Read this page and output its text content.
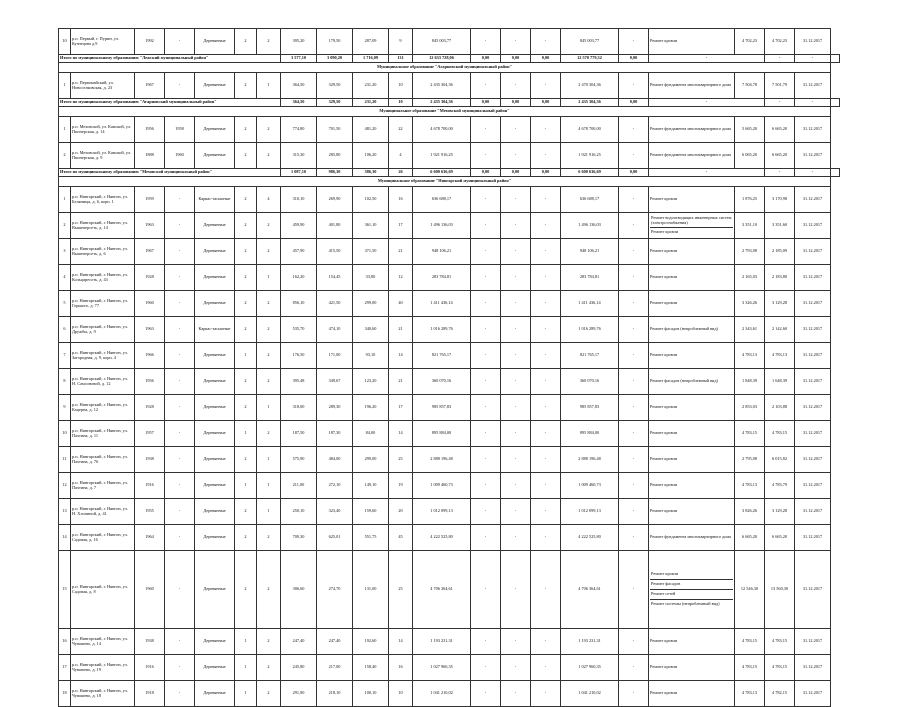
10	р.п. Первый, г. Пурин, ул. Кузнецова д.9	1992	-	Деревянные	2	2	395,20	179,50	287,09	9	845 003,77	-	-	-	845 003,77	-	Ремонт кровли	4 702,23	4 702,23	31.12.2017	
Итого по муниципальному образованию "Лежский муниципальный район"							3 577,10	3 090,20	1 716,09	131	12 633 728,06	0,00	0,00	0,00	12 570 779,32	0,00	-		-	-	
Муниципальное образование "Агарновский муниципальный район"																					
1	р.п. Первомайский, ул. Новоселковская, д. 23	1967	-	Деревянные	2	1	364,50	329,50	231,20	10	2 435 304,36	-	-	-	2 470 304,36	-	Ремонт фундамента многоквартирного дома	7 504,78	7 501,79	31.12.2017	
Итого по муниципальному образованию "Агарновский муниципальный район"							364,50	329,50	231,20	10	2 435 304,36	0,00	0,00	0,00	2 435 304,36	0,00	-		-	-	
Муниципальное образование "Меховской муниципальный район"																					
1	р.п. Меховской, ул. Камской, ул. Пионерская, д. 14	1956	1958	Деревянные	2	2	774,80	701,50	481,20	22	4 678 700,00	-	-	-	4 678 700,00	-	Ремонт фундамента многоквартирного дома	5 665,20	6 665,20	31.12.2017	
2	р.п. Меховской, ул. Камской, ул. Пионерская, д. 9	1888	1960	Деревянные	2	2	315,30	285,80	106,20	4	1 921 916,25	-	-	-	1 921 916,25	-	Ремонт фундамента многоквартирного дома	6 065,20	6 665,20	31.12.2017	
Итого по муниципальному образованию "Меховской муниципальный район"							1 087,10	986,30	586,30	26	6 600 636,69	0,00	0,00	0,00	6 600 636,69	0,00	-		-	-	
Муниципальное образование "Нянгарский муниципальный район"																					
1	р.п. Нянгарский, г. Нянгон, ул. Беляницы, д. 6, корп. 1	1959	-	Каркас-засыпные	2	4	310,10	269,90	102,50	16	636 688,17	-	-	-	636 688,17	-	Ремонт кровли	1 876,25	3 170,98	31.12.2017	
2	р.п. Нянгарский, г. Нянгон, ул. Вышеперсеть, д. 14	1963	-	Деревянные	2	2	459,90	401,80	361,10	17	1 496 136,03	-	-	-	1 496 136,03	-	Ремонт водоотводящих инженерных систем (электроснабжения)
Ремонт кровли	3 351,10	3 351,60	31.12.2017	
3	р.п. Нянгарский, г. Нянгон, ул. Вышеперсеть, д. 6	1967	-	Деревянные	2	2	457,90	415,50	371,50	21	948 106,21	-	-	-	948 106,21	-	Ремонт кровли	2 793,08	2 185,09	31.12.2017	
4	р.п. Нянгарский, г. Нянгон, ул. Кольцаресоть, д. 43	1928	-	Деревянные	2	1	162,20	154,45	33,80	12	283 784,81	-	-	-	283 784,81	-	Ремонт кровли	2 165,03	2 183,80	31.12.2017	
5	р.п. Нянгарский, г. Нянгон, ул. Горького, д. 77	1960	-	Деревянные	2	2	856,10	421,50	299,00	40	1 411 436,14	-	-	-	1 411 436,14	-	Ремонт кровли	3 326,26	3 129,28	31.12.2017	
6	р.п. Нянгарский, г. Нянгон, ул. Дружбы, д. 9	1963	-	Каркас-засыпные	2	2	535,70	474,10	340,60	21	1 016 289,76	-	-	-	1 016 289,76	-	Ремонт фасадов (непроблемный вид)	2 343,61	2 142,60	31.12.2017	
7	р.п. Нянгарский, г. Нянгон, ул. Загородная, д. 9, корп. 4	1966	-	Деревянные	1	2	176,50	171,00	93,10	14	821 765,17	-	-	-	821 765,17	-	Ремонт кровли	4 783,13	4 783,13	31.12.2017	
8	р.п. Нянгарский, г. Нянгон, ул. Н. Самсоновой, д. 12	1956	-	Деревянные	2	2	395,48	349,67	123,20	21	360 070,16	-	-	-	360 070,16	-	Ремонт фасадов (непроблемный вид)	1 848,39	1 648,39	31.12.2017	
9	р.п. Нянгарский, г. Нянгон, ул. Кацерна, д. 12	1928	-	Деревянные	2	1	318,00	289,30	196,20	17	985 857,83	-	-	-	985 857,83	-	Ремонт кровли	2 853,03	2 103,88	31.12.2017	
10	р.п. Нянгарский, г. Нянгон, ул. Пахтина, д. 11	1957	-	Деревянные	1	2	187,50	187,30	84,00	14	895 884,00	-	-	-	895 884,00	-	Ремонт кровли	4 783,15	4 783,15	31.12.2017	
11	р.п. Нянгарский, г. Нянгон, ул. Пахтина, д. 76	1938	-	Деревянные	2	1	575,90	484,00	299,00	25	2 888 196,48	-	-	-	2 888 196,48	-	Ремонт кровли	2 795,08	6 015,82	31.12.2017	
12	р.п. Нянгарский, г. Нянгон, ул. Пахтина, д. 7	1916	-	Деревянные	1	1	211,00	272,10	149,10	19	1 009 460,73	-	-	-	1 009 460,73	-	Ремонт кровли	4 783,13	4 783,79	31.12.2017	
13	р.п. Нянгарский, г. Нянгон, ул. Н. Хлопиной, д. 41	1955	-	Деревянные	2	1	250,10	323,40	159,60	20	1 012 099,13	-	-	-	1 012 099,13	-	Ремонт кровли	3 826,26	3 129,28	31.12.2017	
14	р.п. Нянгарский, г. Нянгон, ул. Садовая, д. 16	1964	-	Деревянные	2	2	700,30	625,01	551,75	45	4 222 525,80	-	-	-	4 222 525,80	-	Ремонт фундамента многоквартирного дома	6 665,20	6 665,20	31.12.2017	
15	р.п. Нянгарский, г. Нянгон, ул. Садовая, д. 8	1960	-	Деревянные	2	2	306,60	274,70	131,00	25	4 706 364,61	-	-	-	4 706 364,61	-	Ремонт кровли
Ремонт фасадов
Ремонт сетей
Ремонт системы (непроблемный вид)	12 546,30	13 560,30	31.12.2017	
16	р.п. Нянгарский, г. Нянгон, ул. Чувашево, д. 14	1938	-	Деревянные	1	2	247,40	247,40	192,60	14	1 193 231,31	-	-	-	1 193 231,31	-	Ремонт кровли	4 783,15	4 783,15	31.12.2017	
17	р.п. Нянгарский, г. Нянгон, ул. Чувашево, д. 19	1916	-	Деревянные	1	2	245,80	217,00	158,40	16	1 027 960,35	-	-	-	1 027 960,35	-	Ремонт кровли	4 783,15	4 783,15	31.12.2017	
18	р.п. Нянгарский, г. Нянгон, ул. Чувашево, д. 18	1918	-	Деревянные	1	2	291,90	218,10	100,10	10	1 041 210,02	-	-	-	1 041 210,02	-	Ремонт кровли	4 783,13	4 782,15	31.12.2017	
